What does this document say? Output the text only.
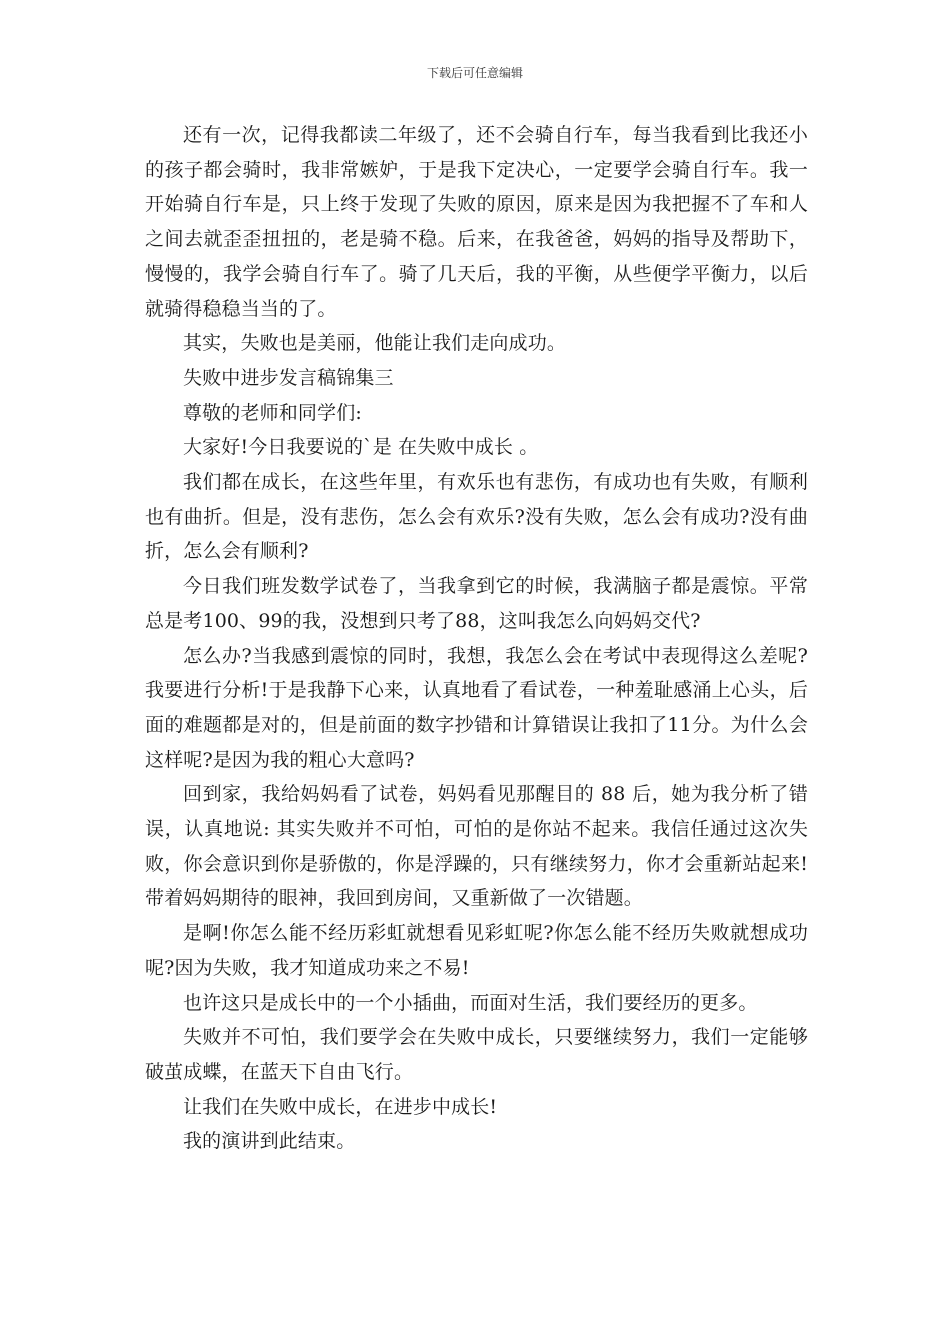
下载后可任意编辑

还有一次，记得我都读二年级了，还不会骑自行车，每当我看到比我还小的孩子都会骑时，我非常嫉妒，于是我下定决心，一定要学会骑自行车。我一开始骑自行车是，只上终于发现了失败的原因，原来是因为我把握不了车和人之间去就歪歪扭扭的，老是骑不稳。后来，在我爸爸，妈妈的指导及帮助下，慢慢的，我学会骑自行车了。骑了几天后，我的平衡，从些便学平衡力，以后就骑得稳稳当当的了。

其实，失败也是美丽，他能让我们走向成功。

失败中进步发言稿锦集三

尊敬的老师和同学们:

大家好!今日我要说的`是 在失败中成长 。

我们都在成长，在这些年里，有欢乐也有悲伤，有成功也有失败，有顺利也有曲折。但是，没有悲伤，怎么会有欢乐?没有失败，怎么会有成功?没有曲折，怎么会有顺利?

今日我们班发数学试卷了，当我拿到它的时候，我满脑子都是震惊。平常总是考100、99的我，没想到只考了88，这叫我怎么向妈妈交代?

怎么办?当我感到震惊的同时，我想，我怎么会在考试中表现得这么差呢?我要进行分析!于是我静下心来，认真地看了看试卷，一种羞耻感涌上心头，后面的难题都是对的，但是前面的数字抄错和计算错误让我扣了11分。为什么会这样呢?是因为我的粗心大意吗?

回到家，我给妈妈看了试卷，妈妈看见那醒目的 88 后，她为我分析了错误，认真地说: 其实失败并不可怕，可怕的是你站不起来。我信任通过这次失败，你会意识到你是骄傲的，你是浮躁的，只有继续努力，你才会重新站起来! 带着妈妈期待的眼神，我回到房间，又重新做了一次错题。

是啊!你怎么能不经历彩虹就想看见彩虹呢?你怎么能不经历失败就想成功呢?因为失败，我才知道成功来之不易!

也许这只是成长中的一个小插曲，而面对生活，我们要经历的更多。

失败并不可怕，我们要学会在失败中成长，只要继续努力，我们一定能够破茧成蝶，在蓝天下自由飞行。

让我们在失败中成长，在进步中成长!

我的演讲到此结束。
